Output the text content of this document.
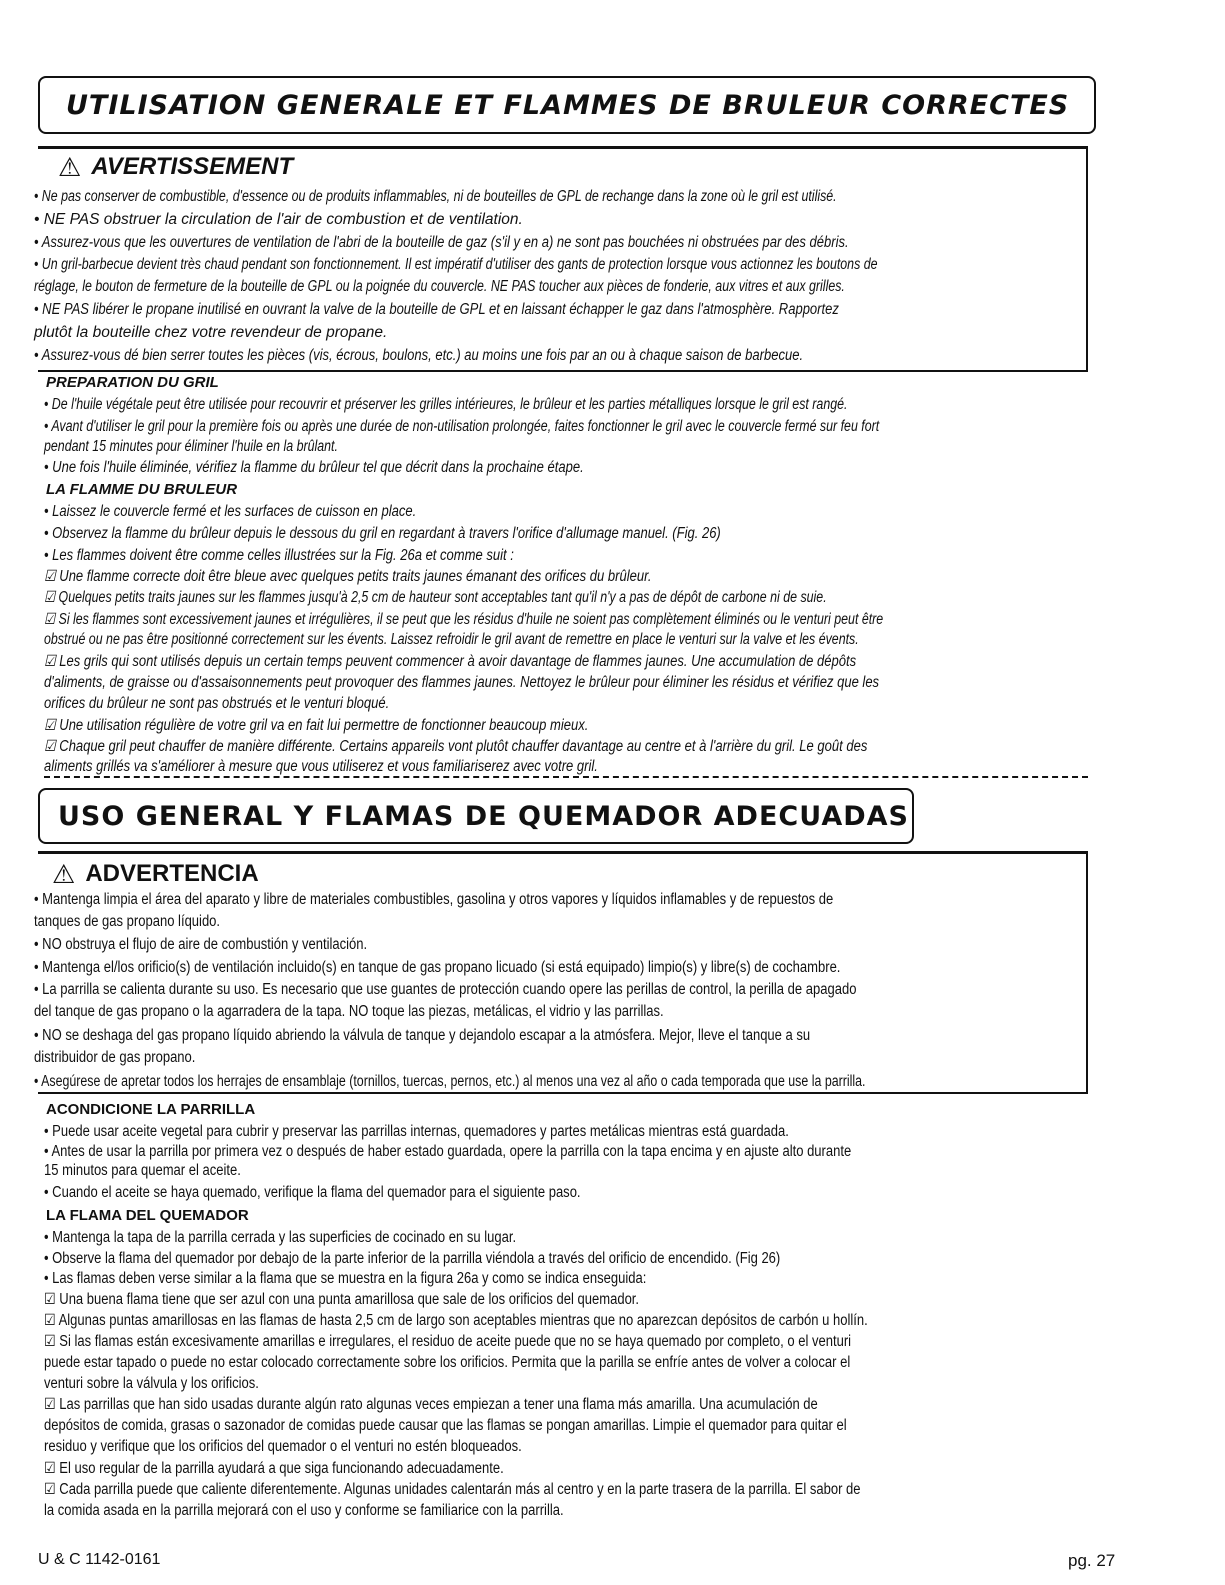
UTILISATION GENERALE ET FLAMMES DE BRULEUR CORRECTES
⚠ AVERTISSEMENT
• Ne pas conserver de combustible, d'essence ou de produits inflammables, ni de bouteilles de GPL de rechange dans la zone où le gril est utilisé.
• NE PAS obstruer la circulation de l'air de combustion et de ventilation.
• Assurez-vous que les ouvertures de ventilation de l'abri de la bouteille de gaz (s'il y en a) ne sont pas bouchées ni obstruées par des débris.
• Un gril-barbecue devient très chaud pendant son fonctionnement. Il est impératif d'utiliser des gants de protection lorsque vous actionnez les boutons de
réglage, le bouton de fermeture de la bouteille de GPL ou la poignée du couvercle. NE PAS toucher aux pièces de fonderie, aux vitres et aux grilles.
• NE PAS libérer le propane inutilisé en ouvrant la valve de la bouteille de GPL et en laissant échapper le gaz dans l'atmosphère. Rapportez
plutôt la bouteille chez votre revendeur de propane.
• Assurez-vous dé bien serrer toutes les pièces (vis, écrous, boulons, etc.) au moins une fois par an ou à chaque saison de barbecue.
PREPARATION DU GRIL
• De l'huile végétale peut être utilisée pour recouvrir et préserver les grilles intérieures, le brûleur et les parties métalliques lorsque le gril est rangé.
• Avant d'utiliser le gril pour la première fois ou après une durée de non-utilisation prolongée, faites fonctionner le gril avec le couvercle fermé sur feu fort
pendant 15 minutes pour éliminer l'huile en la brûlant.
• Une fois l'huile éliminée, vérifiez la flamme du brûleur tel que décrit dans la prochaine étape.
LA FLAMME DU BRULEUR
• Laissez le couvercle fermé et les surfaces de cuisson en place.
• Observez la flamme du brûleur depuis le dessous du gril en regardant à travers l'orifice d'allumage manuel. (Fig. 26)
• Les flammes doivent être comme celles illustrées sur la Fig. 26a et comme suit :
☑ Une flamme correcte doit être bleue avec quelques petits traits jaunes émanant des orifices du brûleur.
☑ Quelques petits traits jaunes sur les flammes jusqu'à 2,5 cm de hauteur sont acceptables tant qu'il n'y a pas de dépôt de carbone ni de suie.
☑ Si les flammes sont excessivement jaunes et irrégulières, il se peut que les résidus d'huile ne soient pas complètement éliminés ou le venturi peut être
obstrué ou ne pas être positionné correctement sur les évents. Laissez refroidir le gril avant de remettre en place le venturi sur la valve et les évents.
☑ Les grils qui sont utilisés depuis un certain temps peuvent commencer à avoir davantage de flammes jaunes. Une accumulation de dépôts
d'aliments, de graisse ou d'assaisonnements peut provoquer des flammes jaunes. Nettoyez le brûleur pour éliminer les résidus et vérifiez que les
orifices du brûleur ne sont pas obstrués et le venturi bloqué.
☑ Une utilisation régulière de votre gril va en fait lui permettre de fonctionner beaucoup mieux.
☑ Chaque gril peut chauffer de manière différente. Certains appareils vont plutôt chauffer davantage au centre et à l'arrière du gril. Le goût des
aliments grillés va s'améliorer à mesure que vous utiliserez et vous familiariserez avec votre gril.
USO GENERAL Y FLAMAS DE QUEMADOR ADECUADAS
⚠ ADVERTENCIA
• Mantenga limpia el área del aparato y libre de materiales combustibles, gasolina y otros vapores y líquidos inflamables y de repuestos de
tanques de gas propano líquido.
• NO obstruya el flujo de aire de combustión y ventilación.
• Mantenga el/los orificio(s) de ventilación incluido(s) en tanque de gas propano licuado (si está equipado) limpio(s) y libre(s) de cochambre.
• La parrilla se calienta durante su uso. Es necesario que use guantes de protección cuando opere las perillas de control, la perilla de apagado
del tanque de gas propano o la agarradera de la tapa. NO toque las piezas, metálicas, el vidrio y las parrillas.
• NO se deshaga del gas propano líquido abriendo la válvula de tanque y dejandolo escapar a la atmósfera. Mejor, lleve el tanque a su
distribuidor de gas propano.
• Asegúrese de apretar todos los herrajes de ensamblaje (tornillos, tuercas, pernos, etc.) al menos una vez al año o cada temporada que use la parrilla.
ACONDICIONE LA PARRILLA
• Puede usar aceite vegetal para cubrir y preservar las parrillas internas, quemadores y partes metálicas mientras está guardada.
• Antes de usar la parrilla por primera vez o después de haber estado guardada, opere la parrilla con la tapa encima y en ajuste alto durante
15 minutos para quemar el aceite.
• Cuando el aceite se haya quemado, verifique la flama del quemador para el siguiente paso.
LA FLAMA DEL QUEMADOR
• Mantenga la tapa de la parrilla cerrada y las superficies de cocinado en su lugar.
• Observe la flama del quemador por debajo de la parte inferior de la parrilla viéndola a través del orificio de encendido. (Fig 26)
• Las flamas deben verse similar a la flama que se muestra en la figura 26a y como se indica enseguida:
☑ Una buena flama tiene que ser azul con una punta amarillosa que sale de los orificios del quemador.
☑ Algunas puntas amarillosas en las flamas de hasta 2,5 cm de largo son aceptables mientras que no aparezcan depósitos de carbón u hollín.
☑ Si las flamas están excesivamente amarillas e irregulares, el residuo de aceite puede que no se haya quemado por completo, o el venturi
puede estar tapado o puede no estar colocado correctamente sobre los orificios. Permita que la parilla se enfríe antes de volver a colocar el
venturi sobre la válvula y los orificios.
☑ Las parrillas que han sido usadas durante algún rato algunas veces empiezan a tener una flama más amarilla. Una acumulación de
depósitos de comida, grasas o sazonador de comidas puede causar que las flamas se pongan amarillas. Limpie el quemador para quitar el
residuo y verifique que los orificios del quemador o el venturi no estén bloqueados.
☑ El uso regular de la parrilla ayudará a que siga funcionando adecuadamente.
☑ Cada parrilla puede que caliente diferentemente. Algunas unidades calentarán más al centro y en la parte trasera de la parrilla. El sabor de
la comida asada en la parrilla mejorará con el uso y conforme se familiarice con la parrilla.
U & C 1142-0161	pg. 27
